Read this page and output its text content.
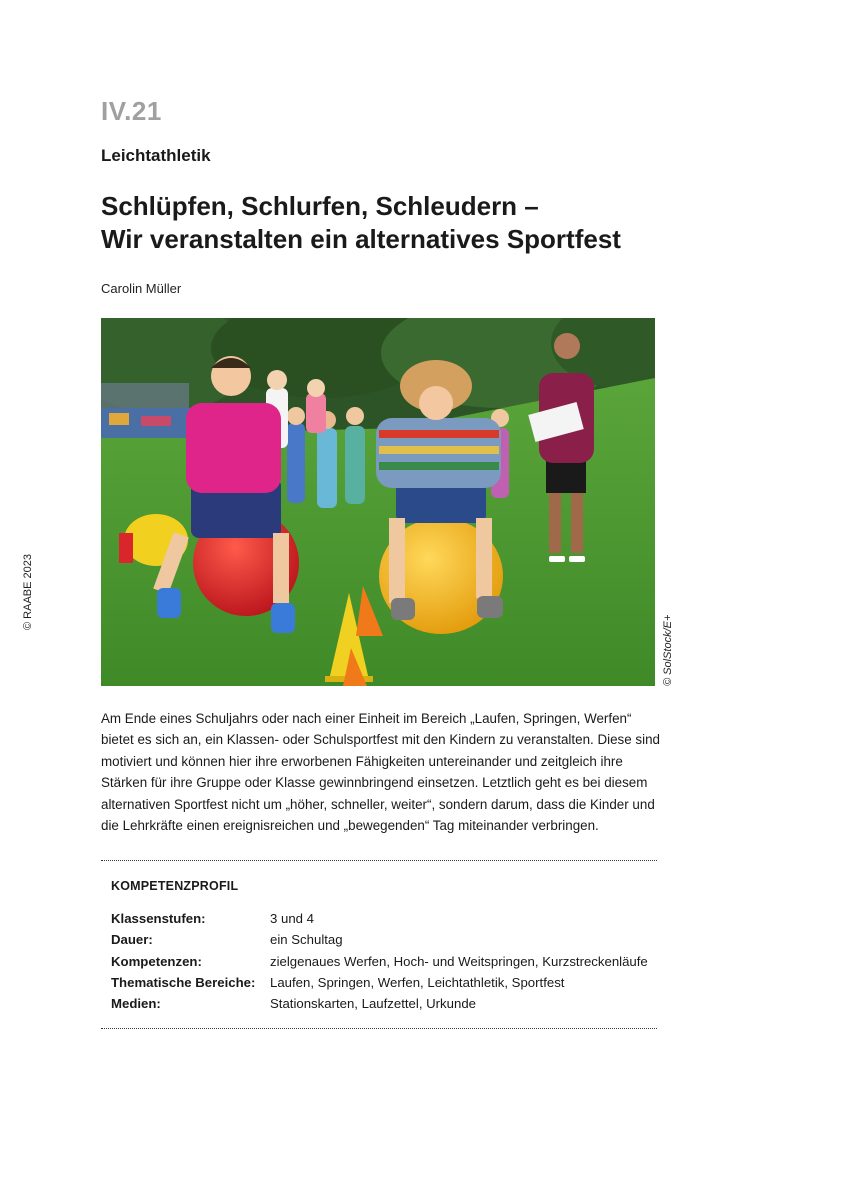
IV.21
Leichtathletik
Schlüpfen, Schlurfen, Schleudern –
Wir veranstalten ein alternatives Sportfest
Carolin Müller
© RAABE 2023
© SolStock/E+

Am Ende eines Schuljahrs oder nach einer Einheit im Bereich „Laufen, Springen, Werfen“ bietet es sich an, ein Klassen- oder Schulsportfest mit den Kindern zu veranstalten. Diese sind motiviert und können hier ihre erworbenen Fähigkeiten untereinander und zeitgleich ihre Stärken für ihre Gruppe oder Klasse gewinnbringend einsetzen. Letztlich geht es bei diesem alternativen Sportfest nicht um „höher, schneller, weiter“, sondern darum, dass die Kinder und die Lehrkräfte einen ereignisreichen und „bewegenden“ Tag miteinander verbringen.

KOMPETENZPROFIL
Klassenstufen:	3 und 4
Dauer:	ein Schultag
Kompetenzen:	zielgenaues Werfen, Hoch- und Weitspringen, Kurzstreckenläufe
Thematische Bereiche:	Laufen, Springen, Werfen, Leichtathletik, Sportfest
Medien:	Stationskarten, Laufzettel, Urkunde
